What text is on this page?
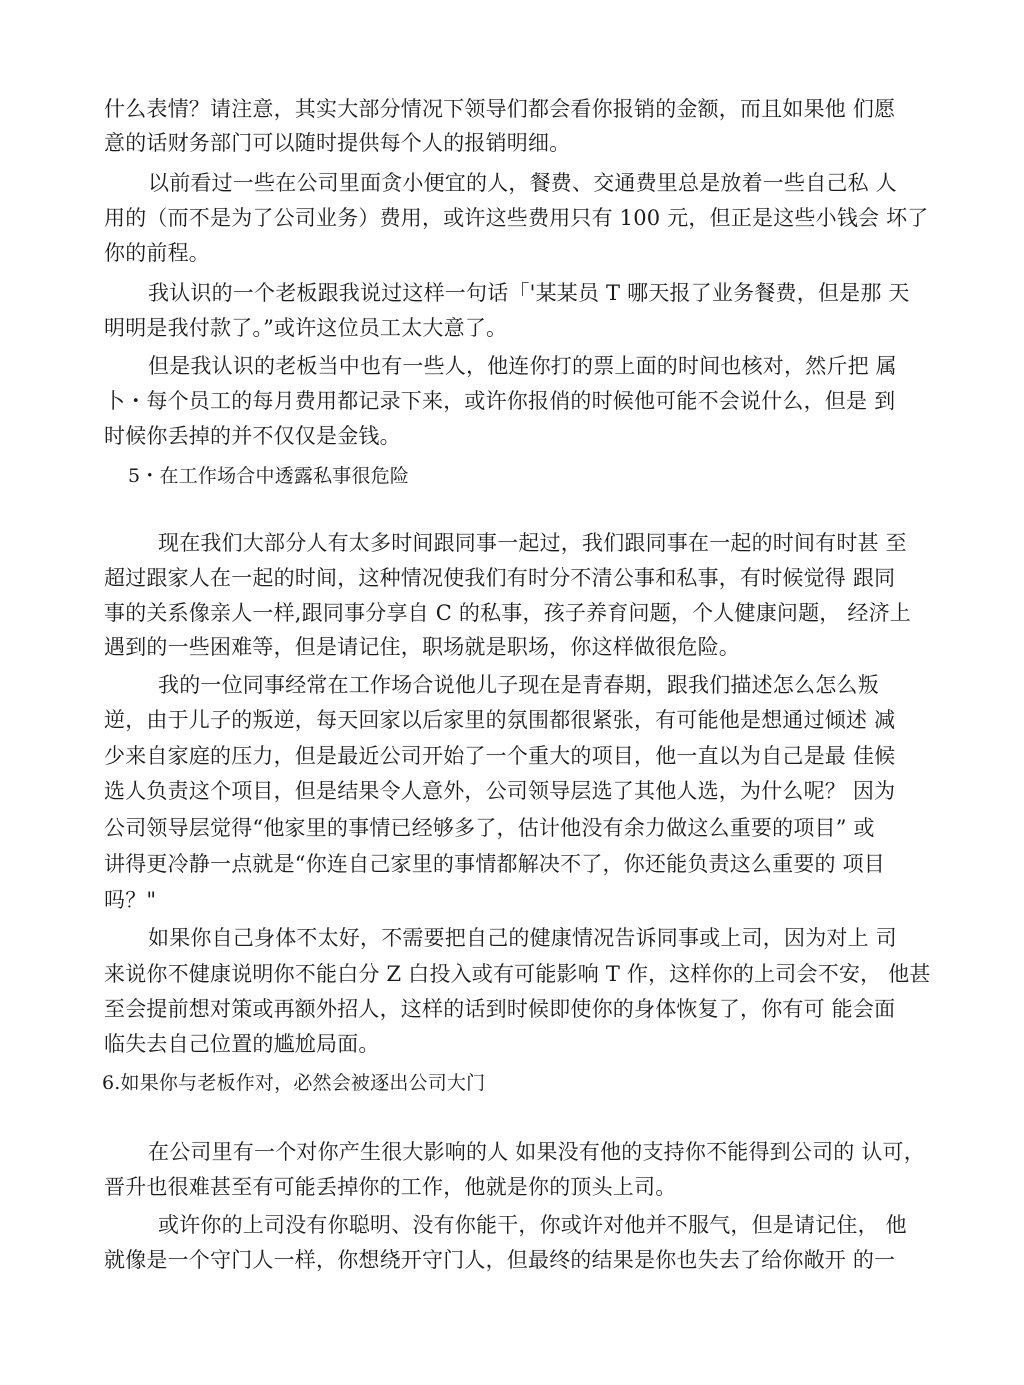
什么表情？请注意，其实大部分情况下领导们都会看你报销的金额，而且如果他 们愿
意的话财务部门可以随时提供每个人的报销明细。
以前看过一些在公司里面贪小便宜的人，餐费、交通费里总是放着一些自己私 人
用的（而不是为了公司业务）费用，或许这些费用只有 100 元，但正是这些小钱会 坏了
你的前程。
我认识的一个老板跟我说过这样一句话「'某某员 T 哪天报了业务餐费，但是那 天
明明是我付款了。”或许这位员工太大意了。
但是我认识的老板当中也有一些人，他连你打的票上面的时间也核对，然斤把 属
卜・每个员工的每月费用都记录下来，或许你报俏的时候他可能不会说什么，但是 到
时候你丢掉的并不仅仅是金钱。
5・在工作场合中透露私事很危险
现在我们大部分人有太多时间跟同事一起过，我们跟同事在一起的时间有时甚 至
超过跟家人在一起的时间，这种情况使我们有时分不清公事和私事，有时候觉得 跟同
事的关系像亲人一样,跟同事分享自 C 的私事，孩子养育问题，个人健康问题， 经济上
遇到的一些困难等，但是请记住，职场就是职场，你这样做很危险。
我的一位同事经常在工作场合说他儿子现在是青春期，跟我们描述怎么怎么叛
逆，由于儿子的叛逆，每天回家以后家里的氛围都很紧张，有可能他是想通过倾述 减
少来自家庭的压力，但是最近公司开始了一个重大的项目，他一直以为自己是最 佳候
选人负责这个项目，但是结果令人意外，公司领导层选了其他人选，为什么呢？ 因为
公司领导层觉得“他家里的事情已经够多了，估计他没有余力做这么重要的项目” 或
讲得更冷静一点就是“你连自己家里的事情都解决不了，你还能负责这么重要的 项目
吗？"
如果你自己身体不太好，不需要把自己的健康情况告诉同事或上司，因为对上 司
来说你不健康说明你不能白分 Z 白投入或有可能影响 T 作，这样你的上司会不安， 他甚
至会提前想对策或再额外招人，这样的话到时候即使你的身体恢复了，你有可 能会面
临失去自己位置的尴尬局面。
6.如果你与老板作对，必然会被逐出公司大门
在公司里有一个对你产生很大影响的人 如果没有他的支持你不能得到公司的 认可，
晋升也很难甚至有可能丢掉你的工作，他就是你的顶头上司。
或许你的上司没有你聪明、没有你能干，你或许对他并不服气，但是请记住， 他
就像是一个守门人一样，你想绕开守门人，但最终的结果是你也失去了给你敞开 的一
